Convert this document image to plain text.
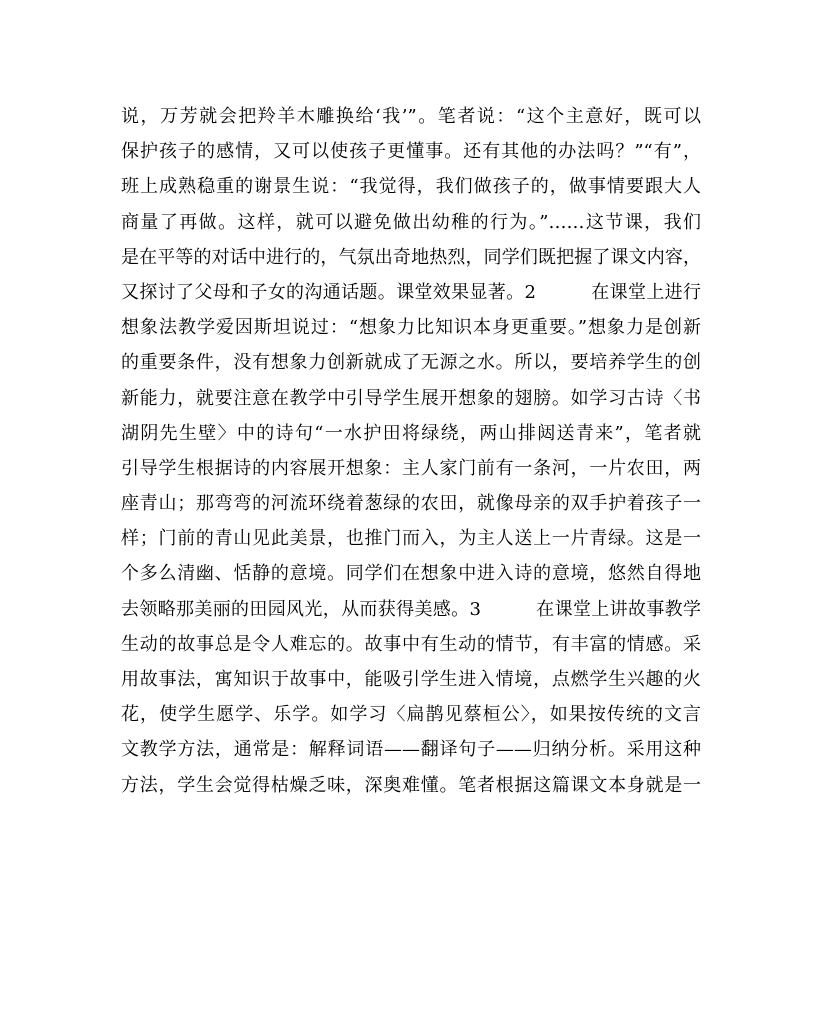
说，万芳就会把羚羊木雕换给‘我’”。笔者说：“这个主意好，既可以
保护孩子的感情，又可以使孩子更懂事。还有其他的办法吗？”“有”，
班上成熟稳重的谢景生说：“我觉得，我们做孩子的，做事情要跟大人
商量了再做。这样，就可以避免做出幼稚的行为。”……这节课，我们
是在平等的对话中进行的，气氛出奇地热烈，同学们既把握了课文内容，
又探讨了父母和子女的沟通话题。课堂效果显著。2　　　在课堂上进行
想象法教学爱因斯坦说过：“想象力比知识本身更重要。”想象力是创新
的重要条件，没有想象力创新就成了无源之水。所以，要培养学生的创
新能力，就要注意在教学中引导学生展开想象的翅膀。如学习古诗〈书
湖阴先生壁〉中的诗句“一水护田将绿绕，两山排闼送青来”，笔者就
引导学生根据诗的内容展开想象：主人家门前有一条河，一片农田，两
座青山；那弯弯的河流环绕着葱绿的农田，就像母亲的双手护着孩子一
样；门前的青山见此美景，也推门而入，为主人送上一片青绿。这是一
个多么清幽、恬静的意境。同学们在想象中进入诗的意境，悠然自得地
去领略那美丽的田园风光，从而获得美感。3　　　在课堂上讲故事教学
生动的故事总是令人难忘的。故事中有生动的情节，有丰富的情感。采
用故事法，寓知识于故事中，能吸引学生进入情境，点燃学生兴趣的火
花，使学生愿学、乐学。如学习〈扁鹊见蔡桓公〉，如果按传统的文言
文教学方法，通常是：解释词语——翻译句子——归纳分析。采用这种
方法，学生会觉得枯燥乏味，深奥难懂。笔者根据这篇课文本身就是一
